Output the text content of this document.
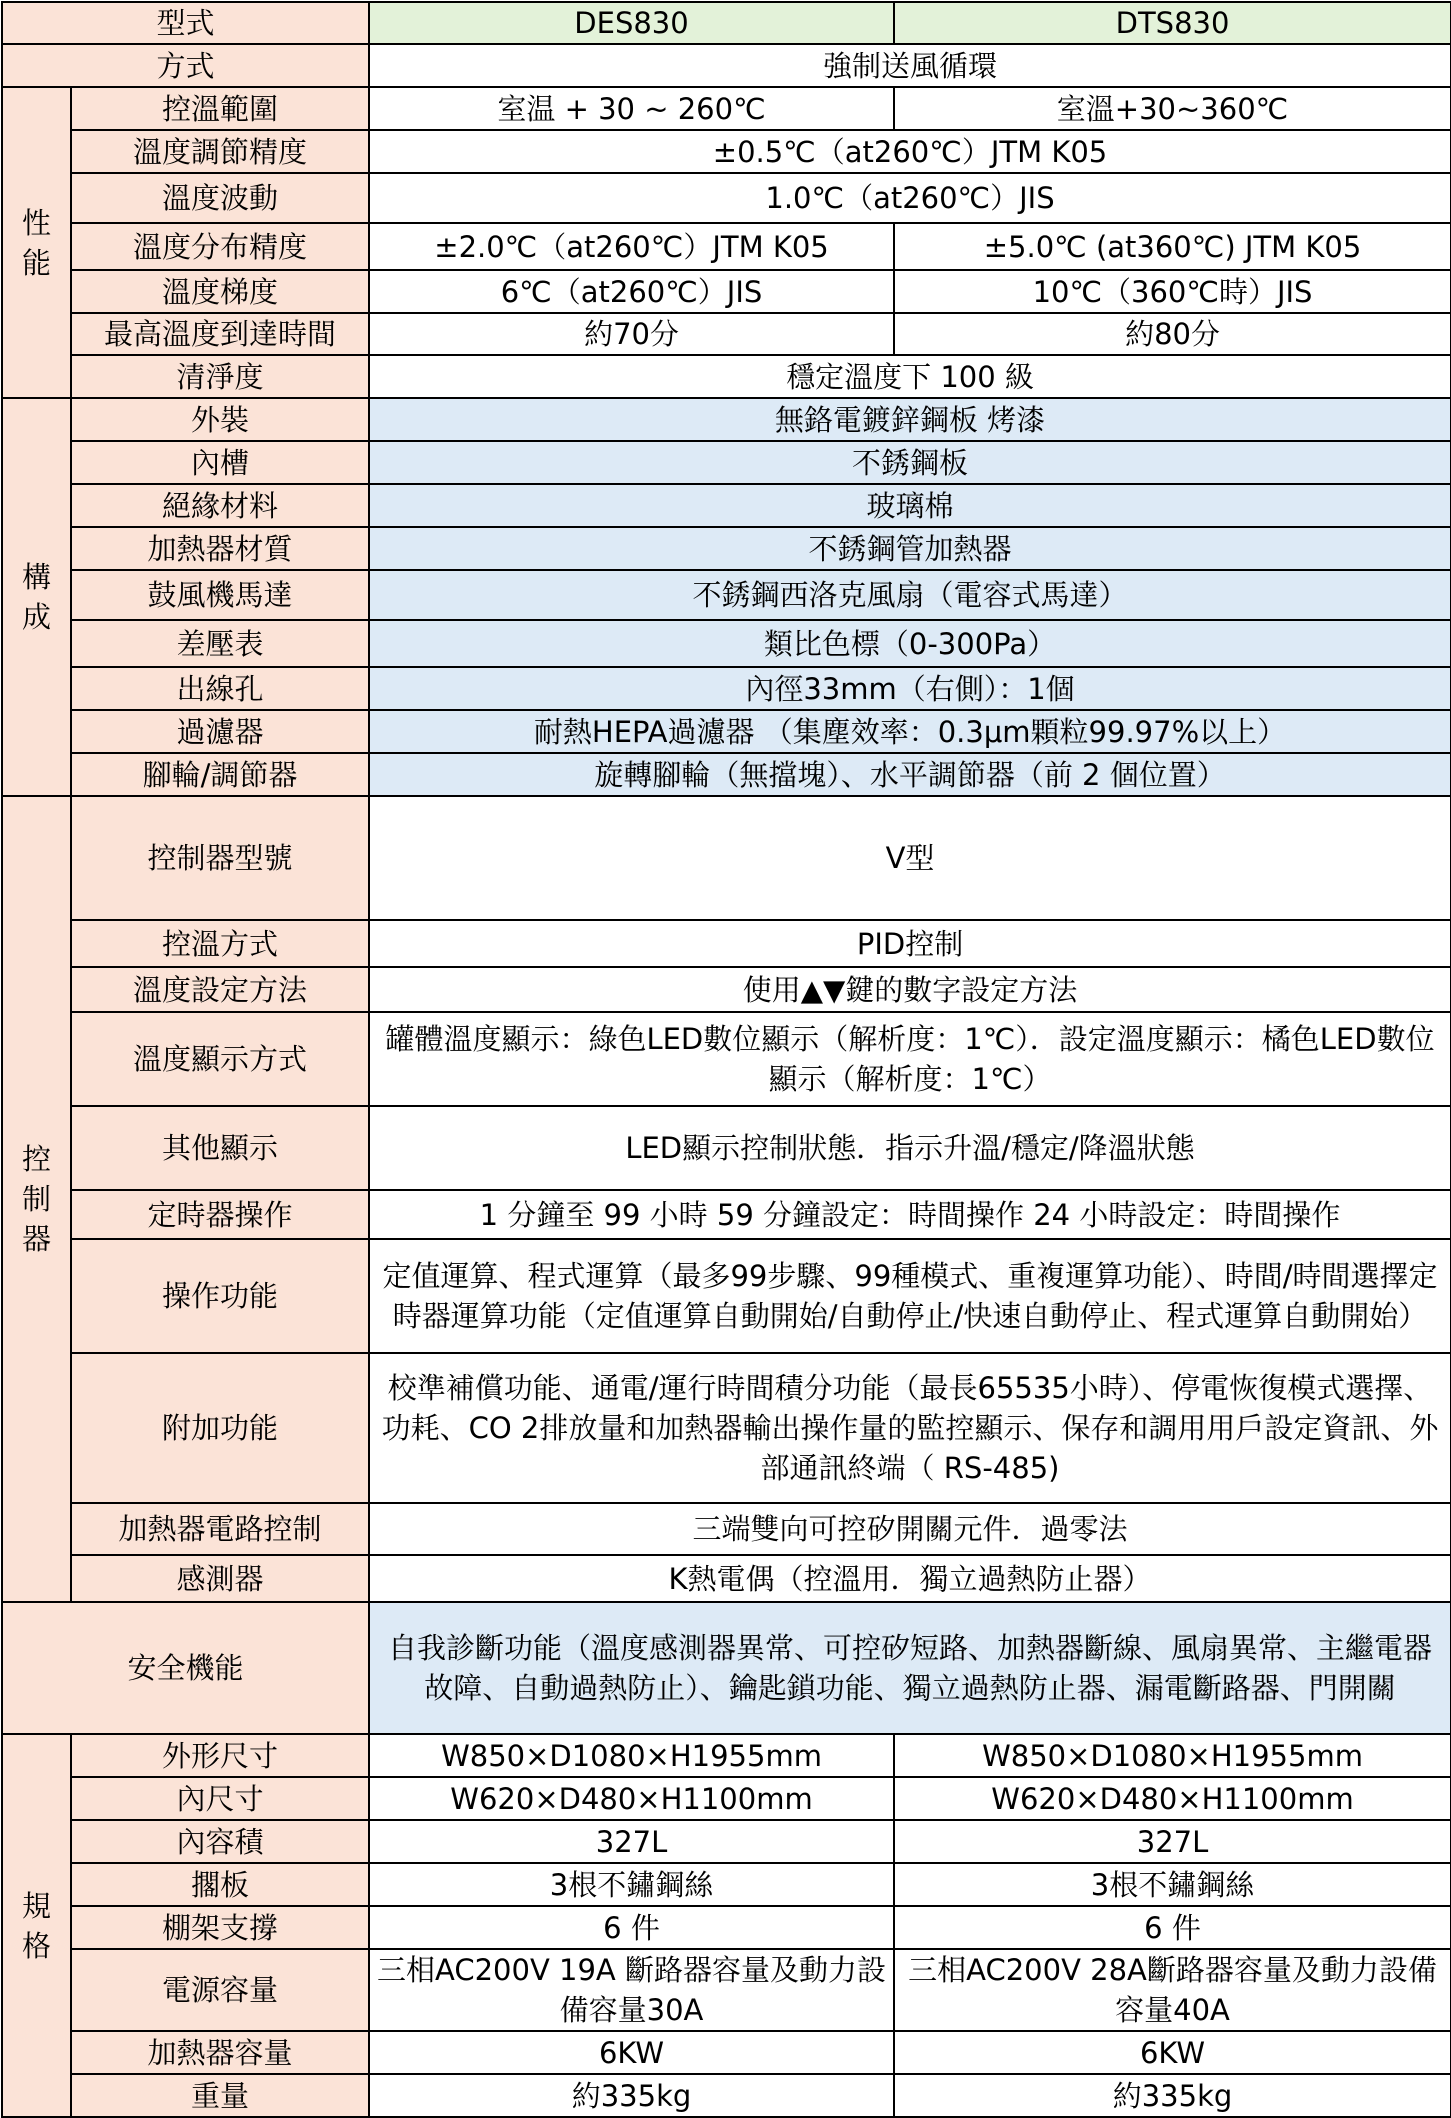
型式		DES830	DTS830
方式		強制送風循環	

性
能	控溫範圍	室温 + 30 ~ 260℃	室溫+30~360℃
	溫度調節精度	±0.5℃（at260℃）JTM K05	
	溫度波動	1.0℃（at260℃）JIS	
	溫度分布精度	±2.0℃（at260℃）JTM K05	±5.0℃ (at360℃) JTM K05
	溫度梯度	6℃（at260℃）JIS	10℃（360℃時）JIS
	最高溫度到達時間	約70分	約80分
	清淨度	穩定溫度下 100 級	

構
成	外裝	無鉻電鍍鋅鋼板 烤漆	
	內槽	不銹鋼板	
	絕緣材料	玻璃棉	
	加熱器材質	不銹鋼管加熱器	
	鼓風機馬達	不銹鋼西洛克風扇（電容式馬達）	
	差壓表	類比色標（0-300Pa）	
	出線孔	內徑33mm（右側）：1個	
	過濾器	耐熱HEPA過濾器 （集塵效率：0.3μm顆粒99.97%以上）	
	腳輪/調節器	旋轉腳輪（無擋塊）、水平調節器（前 2 個位置）	

控
制
器	控制器型號	V型	
	控溫方式	PID控制	
	溫度設定方法	使用▲▼鍵的數字設定方法	
	溫度顯示方式	罐體溫度顯示：綠色LED數位顯示（解析度：1℃）．設定溫度顯示：橘色LED數位顯示（解析度：1℃）	
	其他顯示	LED顯示控制狀態．指示升溫/穩定/降溫狀態	
	定時器操作	1 分鐘至 99 小時 59 分鐘設定：時間操作 24 小時設定：時間操作	
	操作功能	定值運算、程式運算（最多99步驟、99種模式、重複運算功能）、時間/時間選擇定時器運算功能（定值運算自動開始/自動停止/快速自動停止、程式運算自動開始）	
	附加功能	校準補償功能、通電/運行時間積分功能（最長65535小時）、停電恢復模式選擇、功耗、CO 2排放量和加熱器輸出操作量的監控顯示、保存和調用用戶設定資訊、外部通訊終端（ RS-485)	
	加熱器電路控制	三端雙向可控矽開關元件．過零法	
	感測器	K熱電偶（控溫用．獨立過熱防止器）	
安全機能		自我診斷功能（溫度感測器異常、可控矽短路、加熱器斷線、風扇異常、主繼電器故障、自動過熱防止）、鑰匙鎖功能、獨立過熱防止器、漏電斷路器、門開關	

規
格	外形尺寸	W850×D1080×H1955mm	W850×D1080×H1955mm
	內尺寸	W620×D480×H1100mm	W620×D480×H1100mm
	內容積	327L	327L
	擱板	3根不鏽鋼絲	3根不鏽鋼絲
	棚架支撐	6 件	6 件
	電源容量	三相AC200V 19A 斷路器容量及動力設備容量30A	三相AC200V 28A斷路器容量及動力設備容量40A
	加熱器容量	6KW	6KW
	重量	約335kg	約335kg
